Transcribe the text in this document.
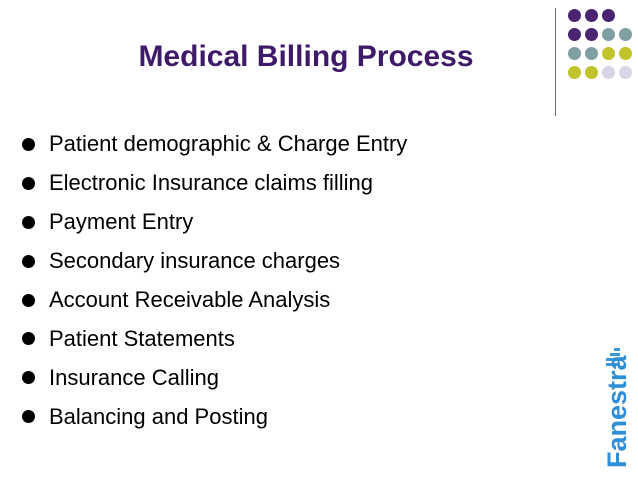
Medical Billing Process
Patient demographic & Charge Entry
Electronic Insurance claims filling
Payment Entry
Secondary insurance charges
Account Receivable Analysis
Patient Statements
Insurance Calling
Balancing and Posting	Fanestra
